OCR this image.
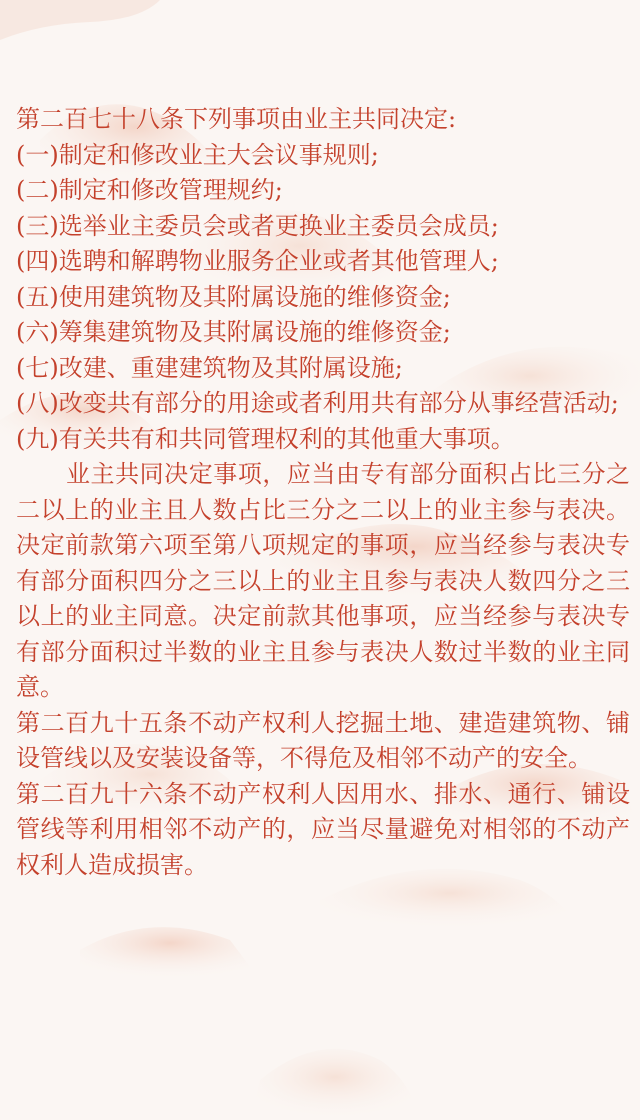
第二百七十八条下列事项由业主共同决定:

(一)制定和修改业主大会议事规则;

(二)制定和修改管理规约;

(三)选举业主委员会或者更换业主委员会成员;

(四)选聘和解聘物业服务企业或者其他管理人;

(五)使用建筑物及其附属设施的维修资金;

(六)筹集建筑物及其附属设施的维修资金;

(七)改建、重建建筑物及其附属设施;

(八)改变共有部分的用途或者利用共有部分从事经营活动;

(九)有关共有和共同管理权利的其他重大事项。

业主共同决定事项，应当由专有部分面积占比三分之二以上的业主且人数占比三分之二以上的业主参与表决。决定前款第六项至第八项规定的事项，应当经参与表决专有部分面积四分之三以上的业主且参与表决人数四分之三以上的业主同意。决定前款其他事项，应当经参与表决专有部分面积过半数的业主且参与表决人数过半数的业主同意。

第二百九十五条不动产权利人挖掘土地、建造建筑物、铺设管线以及安装设备等，不得危及相邻不动产的安全。

第二百九十六条不动产权利人因用水、排水、通行、铺设管线等利用相邻不动产的，应当尽量避免对相邻的不动产权利人造成损害。
